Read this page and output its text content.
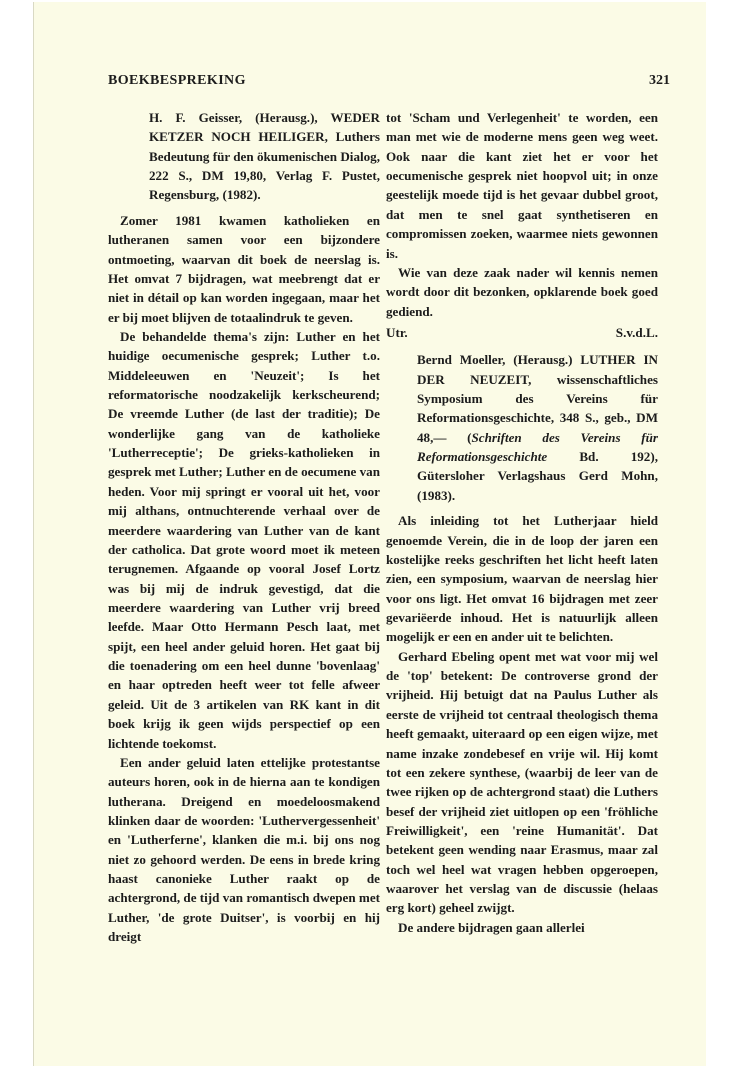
BOEKBESPREKING	321

H. F. Geisser, (Herausg.), WEDER KETZER NOCH HEILIGER, Luthers Bedeutung für den ökumenischen Dialog, 222 S., DM 19,80, Verlag F. Pustet, Regensburg, (1982).

Zomer 1981 kwamen katholieken en lutheranen samen voor een bijzondere ontmoeting, waarvan dit boek de neerslag is. Het omvat 7 bijdragen, wat meebrengt dat er niet in détail op kan worden ingegaan, maar het er bij moet blijven de totaalindruk te geven.

De behandelde thema's zijn: Luther en het huidige oecumenische gesprek; Luther t.o. Middeleeuwen en 'Neuzeit'; Is het reformatorische noodzakelijk kerkscheurend; De vreemde Luther (de last der traditie); De wonderlijke gang van de katholieke 'Lutherreceptie'; De grieks-katholieken in gesprek met Luther; Luther en de oecumene van heden. Voor mij springt er vooral uit het, voor mij althans, ontnuchterende verhaal over de meerdere waardering van Luther van de kant der catholica. Dat grote woord moet ik meteen terugnemen. Afgaande op vooral Josef Lortz was bij mij de indruk gevestigd, dat die meerdere waardering van Luther vrij breed leefde. Maar Otto Hermann Pesch laat, met spijt, een heel ander geluid horen. Het gaat bij die toenadering om een heel dunne 'bovenlaag' en haar optreden heeft weer tot felle afweer geleid. Uit de 3 artikelen van RK kant in dit boek krijg ik geen wijds perspectief op een lichtende toekomst.

Een ander geluid laten ettelijke protestantse auteurs horen, ook in de hierna aan te kondigen lutherana. Dreigend en moedeloosmakend klinken daar de woorden: 'Luthervergessenheit' en 'Lutherferne', klanken die m.i. bij ons nog niet zo gehoord werden. De eens in brede kring haast canonieke Luther raakt op de achtergrond, de tijd van romantisch dwepen met Luther, 'de grote Duitser', is voorbij en hij dreigt

tot 'Scham und Verlegenheit' te worden, een man met wie de moderne mens geen weg weet. Ook naar die kant ziet het er voor het oecumenische gesprek niet hoopvol uit; in onze geestelijk moede tijd is het gevaar dubbel groot, dat men te snel gaat synthetiseren en compromissen zoeken, waarmee niets gewonnen is.

Wie van deze zaak nader wil kennis nemen wordt door dit bezonken, opklarende boek goed gediend.

Utr.	S.v.d.L.

Bernd Moeller, (Herausg.) LUTHER IN DER NEUZEIT, wissenschaftliches Symposium des Vereins für Reformationsgeschichte, 348 S., geb., DM 48,— (Schriften des Vereins für Reformationsgeschichte Bd. 192), Gütersloher Verlagshaus Gerd Mohn, (1983).

Als inleiding tot het Lutherjaar hield genoemde Verein, die in de loop der jaren een kostelijke reeks geschriften het licht heeft laten zien, een symposium, waarvan de neerslag hier voor ons ligt. Het omvat 16 bijdragen met zeer gevariëerde inhoud. Het is natuurlijk alleen mogelijk er een en ander uit te belichten.

Gerhard Ebeling opent met wat voor mij wel de 'top' betekent: De controverse grond der vrijheid. Hij betuigt dat na Paulus Luther als eerste de vrijheid tot centraal theologisch thema heeft gemaakt, uiteraard op een eigen wijze, met name inzake zondebesef en vrije wil. Hij komt tot een zekere synthese, (waarbij de leer van de twee rijken op de achtergrond staat) die Luthers besef der vrijheid ziet uitlopen op een 'fröhliche Freiwilligkeit', een 'reine Humanität'. Dat betekent geen wending naar Erasmus, maar zal toch wel heel wat vragen hebben opgeroepen, waarover het verslag van de discussie (helaas erg kort) geheel zwijgt.

De andere bijdragen gaan allerlei
